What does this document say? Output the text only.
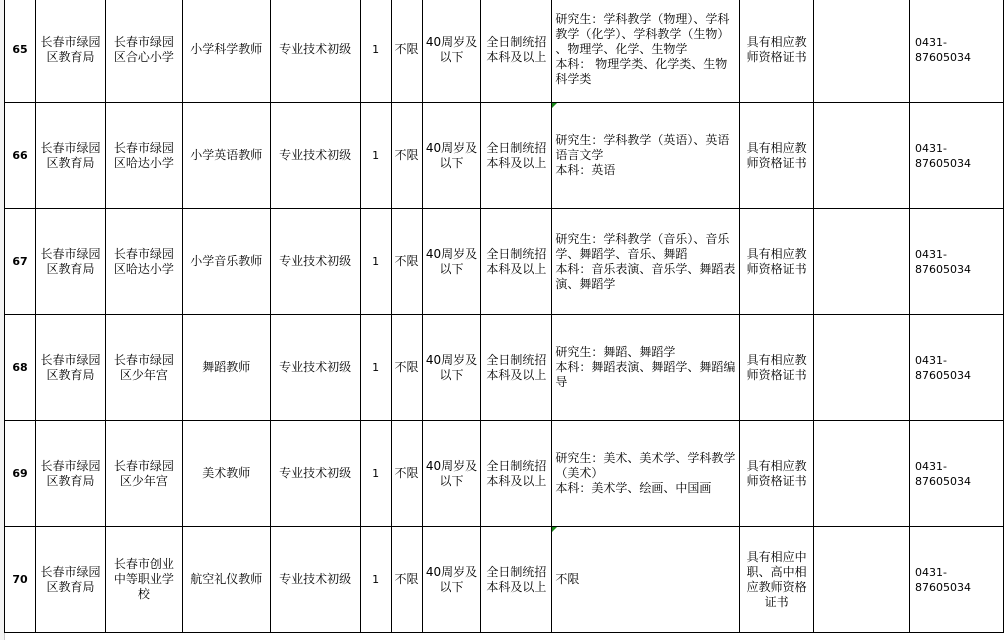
65	长春市绿园区教育局	长春市绿园区合心小学	小学科学教师	专业技术初级	1	不限	40周岁及以下	全日制统招本科及以上	研究生：学科教学（物理）、学科
教学（化学）、学科教学（生物）
、物理学、化学、生物学
本科： 物理学类、化学类、生物
科学类	具有相应教师资格证书		0431-87605034
66	长春市绿园区教育局	长春市绿园区哈达小学	小学英语教师	专业技术初级	1	不限	40周岁及以下	全日制统招本科及以上	研究生：学科教学（英语）、英语
语言文学
本科：英语	具有相应教师资格证书		0431-87605034
67	长春市绿园区教育局	长春市绿园区哈达小学	小学音乐教师	专业技术初级	1	不限	40周岁及以下	全日制统招本科及以上	研究生：学科教学（音乐）、音乐
学、舞蹈学、音乐、舞蹈
本科：音乐表演、音乐学、舞蹈表
演、舞蹈学	具有相应教师资格证书		0431-87605034
68	长春市绿园区教育局	长春市绿园区少年宫	舞蹈教师	专业技术初级	1	不限	40周岁及以下	全日制统招本科及以上	研究生：舞蹈、舞蹈学
本科：舞蹈表演、舞蹈学、舞蹈编
导	具有相应教师资格证书		0431-87605034
69	长春市绿园区教育局	长春市绿园区少年宫	美术教师	专业技术初级	1	不限	40周岁及以下	全日制统招本科及以上	研究生：美术、美术学、学科教学
（美术）
本科：美术学、绘画、中国画	具有相应教师资格证书		0431-87605034
70	长春市绿园区教育局	长春市创业中等职业学校	航空礼仪教师	专业技术初级	1	不限	40周岁及以下	全日制统招本科及以上	不限	具有相应中职、高中相应教师资格证书		0431-87605034
